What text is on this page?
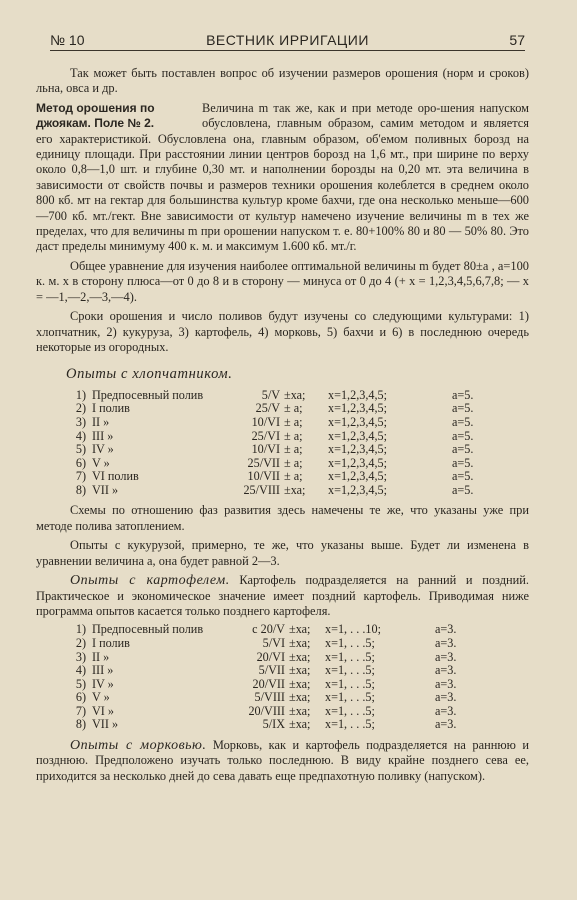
№ 10	ВЕСТНИК ИРРИГАЦИИ	57

Так может быть поставлен вопрос об изучении размеров орошения (норм и сроков) льна, овса и др.

Метод орошения по
джоякам. Поле № 2.
Величина m так же, как и при методе оро-шения напуском обусловлена, главным образом, самим методом и является его характеристикой. Обусловлена она, главным образом, об'емом поливных борозд на единицу площади. При расстоянии линии центров борозд на 1,6 мт., при ширине по верху около 0,8—1,0 шт. и глубине 0,30 мт. и наполнении борозды на 0,20 мт. эта величина в зависимости от свойств почвы и размеров техники орошения колеблется в среднем около 800 кб. мт на гектар для большинства культур кроме бахчи, где она несколько меньше—600—700 кб. мт./гект. Вне зависимости от культур намечено изучение величины m в тех же пределах, что для величины m при орошении напуском т. е. 80+100% 80 и 80 — 50% 80. Это даст пределы минимуму 400 к. м. и максимум 1.600 кб. мт./г.

Общее уравнение для изучения наиболее оптимальной величины m будет 80±а , а=100 к. м. х в сторону плюса—от 0 до 8 и в сторону — минуса от 0 до 4 (+ x = 1,2,3,4,5,6,7,8; — x = —1,—2,—3,—4).

Сроки орошения и число поливов будут изучены со следующими культурами: 1) хлопчатник, 2) кукуруза, 3) картофель, 4) морковь, 5) бахчи и 6) в последнюю очередь некоторые из огородных.

Опыты с хлопчатником.
1)	Предпосевный полив	5/V	±ха;	x=1,2,3,4,5;	а=5.
2)	I полив	25/V	± а;	x=1,2,3,4,5;	а=5.
3)	II »	10/VI	± а;	x=1,2,3,4,5;	а=5.
4)	III »	25/VI	± а;	x=1,2,3,4,5;	а=5.
5)	IV »	10/VI	± а;	x=1,2,3,4,5;	а=5.
6)	V »	25/VII	± а;	x=1,2,3,4,5;	а=5.
7)	VI полив	10/VII	± а;	x=1,2,3,4,5;	а=5.
8)	VII »	25/VIII	±ха;	x=1,2,3,4,5;	а=5.

Схемы по отношению фаз развития здесь намечены те же, что указаны уже при методе полива затоплением.

Опыты с кукурузой, примерно, те же, что указаны выше. Будет ли изменена в уравнении величина а, она будет равной 2—3.

Опыты с картофелем. Картофель подразделяется на ранний и поздний. Практическое и экономическое значение имеет поздний картофель. Приводимая ниже программа опытов касается только позднего картофеля.

1)	Предпосевный полив	с 20/V	±ха;	x=1, . . .10;	а=3.
2)	I полив	5/VI	±ха;	x=1, . . .5;	а=3.
3)	II »	20/VI	±ха;	x=1, . . .5;	а=3.
4)	III »	5/VII	±ха;	x=1, . . .5;	а=3.
5)	IV »	20/VII	±ха;	x=1, . . .5;	а=3.
6)	V »	5/VIII	±ха;	x=1, . . .5;	а=3.
7)	VI »	20/VIII	±ха;	x=1, . . .5;	а=3.
8)	VII »	5/IX	±ха;	x=1, . . .5;	а=3.

Опыты с морковью. Морковь, как и картофель подразделяется на раннюю и позднюю. Предположено изучать только последнюю. В виду крайне позднего сева ее, приходится за несколько дней до сева давать еще предпахотную поливку (напуском).
